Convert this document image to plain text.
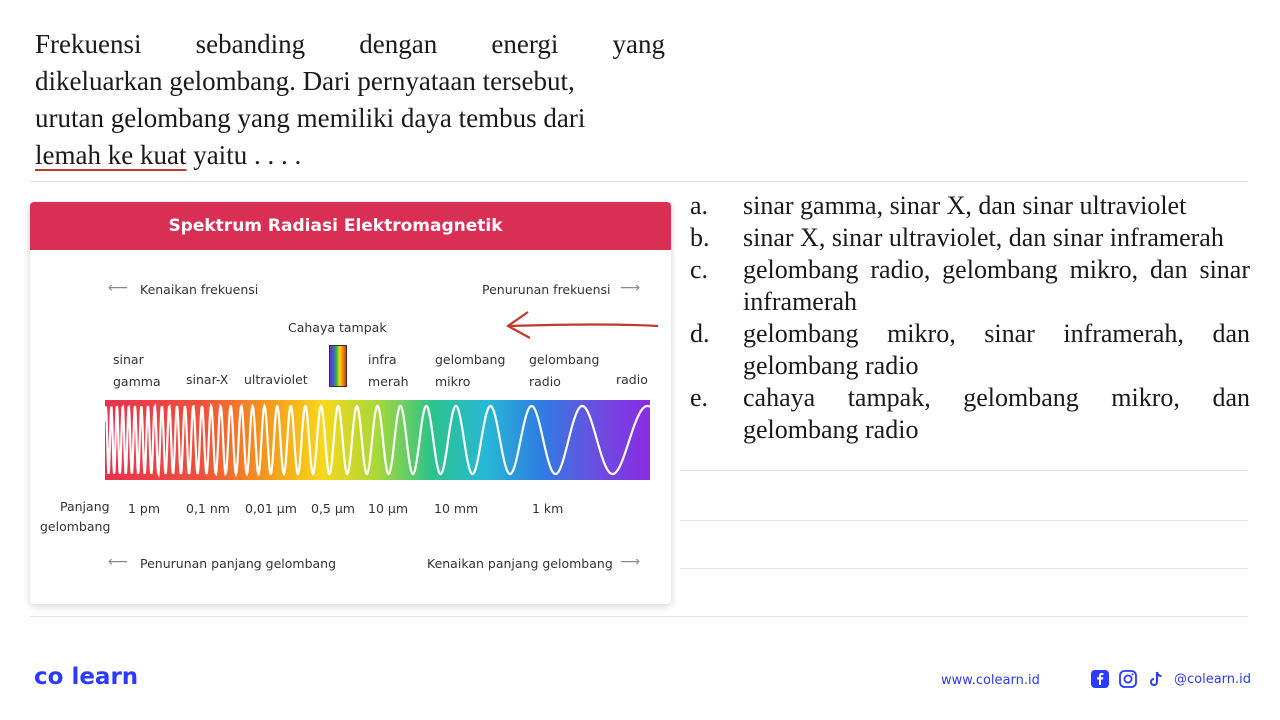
Frekuensi sebanding dengan energi yang
dikeluarkan gelombang. Dari pernyataan tersebut,
urutan gelombang yang memiliki daya tembus dari
lemah ke kuat yaitu . . . .

Spektrum Radiasi Elektromagnetik
⟵ Kenaikan frekuensi	Penurunan frekuensi ⟶
Cahaya tampak
sinar
gamma sinar-X ultraviolet
infra
merah
gelombang
mikro
gelombang
radio	radio
Panjang
gelombang
1 pm 0,1 nm 0,01 μm 0,5 μm 10 μm 10 mm	1 km
⟵ Penurunan panjang gelombang	Kenaikan panjang gelombang ⟶
a. sinar gamma, sinar X, dan sinar ultraviolet
b. sinar X, sinar ultraviolet, dan sinar inframerah
c. gelombang radio, gelombang mikro, dan sinar inframerah
d. gelombang mikro, sinar inframerah, dan gelombang radio
e. cahaya tampak, gelombang mikro, dan gelombang radio
co learn	www.colearn.id	@colearn.id
